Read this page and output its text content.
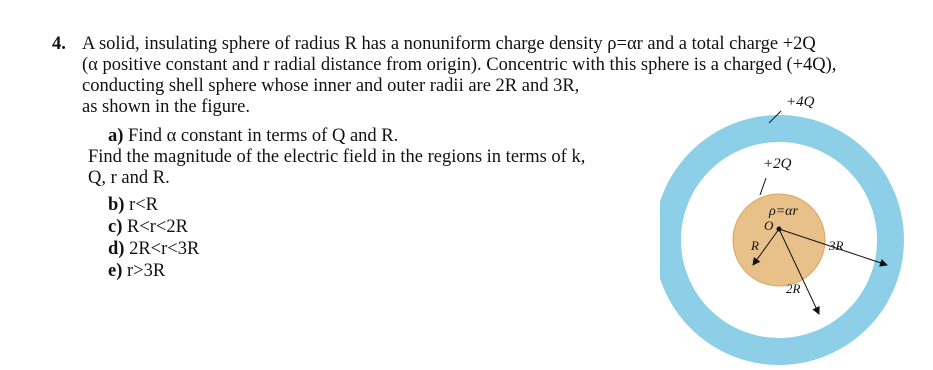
4. A solid, insulating sphere of radius R has a nonuniform charge density ρ=αr and a total charge +2Q
(α positive constant and r radial distance from origin). Concentric with this sphere is a charged (+4Q),
conducting shell sphere whose inner and outer radii are 2R and 3R,
as shown in the figure.
a) Find α constant in terms of Q and R.
Find the magnitude of the electric field in the regions in terms of k,
Q, r and R.
b) r<R
c) R<r<2R
d) 2R<r<3R
e) r>3R
+4Q
+2Q
ρ=αr
O
R
2R
3R
